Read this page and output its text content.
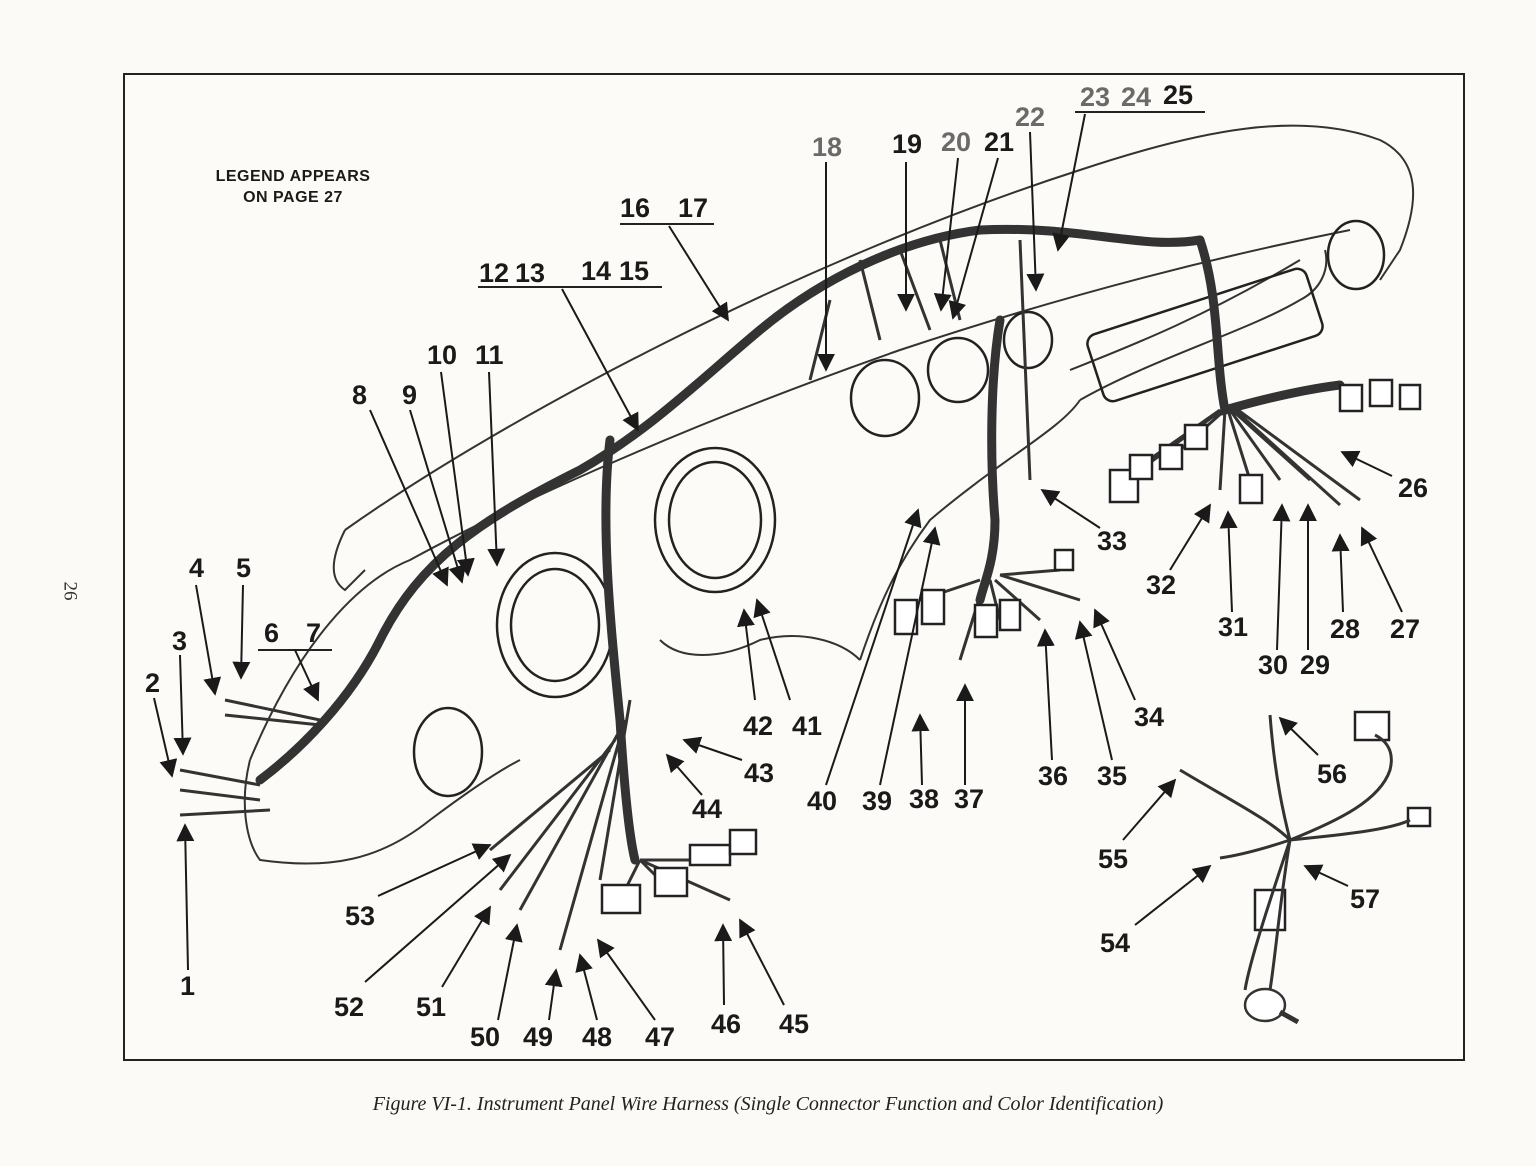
LEGEND APPEARS
ON PAGE 27
26
1
2
3
4 5
6 7
8 9
10 11
12 13 14 15
16 17
18 19 20 21
22
23 24 25
26
27
28
29
30
31
32
33
34
35
36
37
38
39
40
41
42
43
44
45
46
47
48
49
50
51
52
53
54
55
56
57
Figure VI-1. Instrument Panel Wire Harness (Single Connector Function and Color Identification)
